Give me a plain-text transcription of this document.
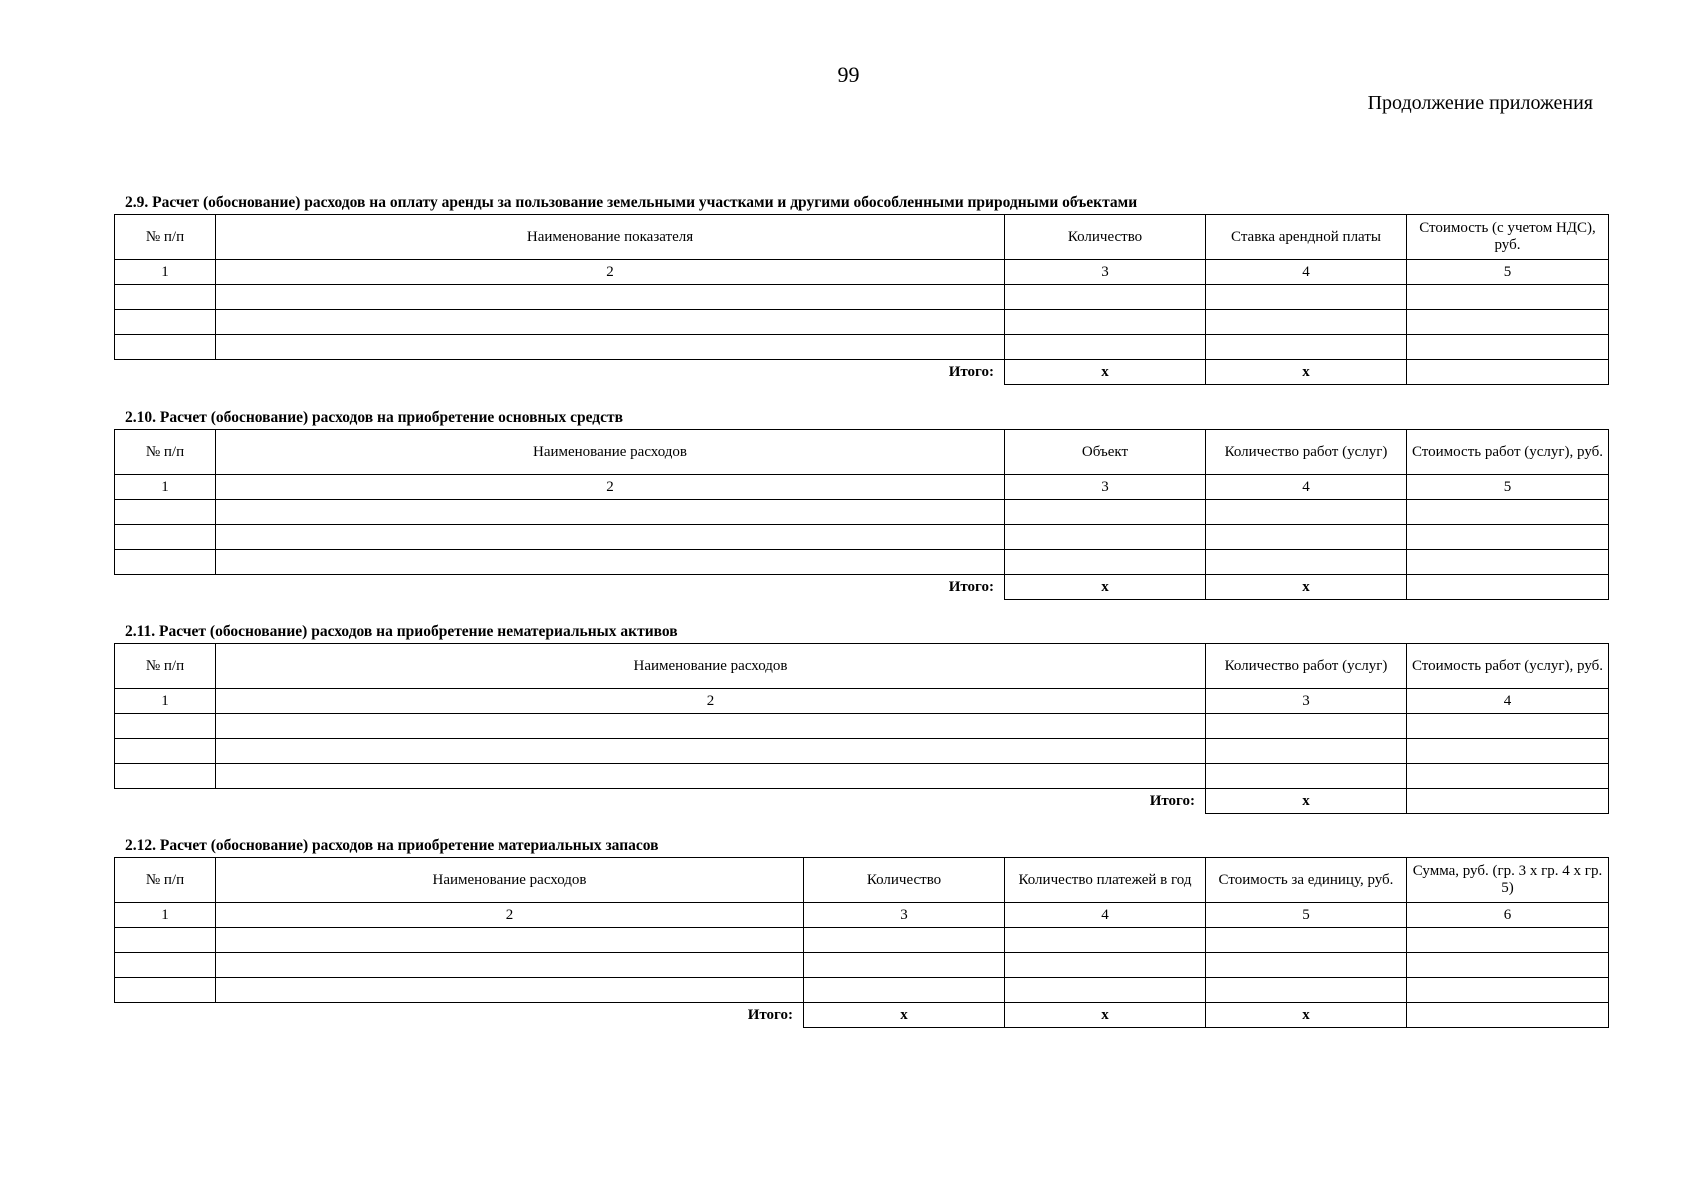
99
Продолжение приложения
2.9. Расчет (обоснование) расходов на оплату аренды за пользование земельными участками и другими обособленными природными объектами
№ п/п	Наименование показателя	Количество	Ставка арендной платы	Стоимость (с учетом НДС), руб.
1	2	3	4	5

Итого:		x	x	
2.10. Расчет (обоснование) расходов на приобретение основных средств
№ п/п	Наименование расходов	Объект	Количество работ (услуг)	Стоимость работ (услуг), руб.
1	2	3	4	5

Итого:		x	x	
2.11. Расчет (обоснование) расходов на приобретение нематериальных активов
№ п/п	Наименование расходов	Количество работ (услуг)	Стоимость работ (услуг), руб.
1	2	3	4

Итого:		x	
2.12. Расчет (обоснование) расходов на приобретение материальных запасов
№ п/п	Наименование расходов	Количество	Количество платежей в год	Стоимость за единицу, руб.	Сумма, руб. (гр. 3 x гр. 4 x гр. 5)
1	2	3	4	5	6

Итого:		x	x	x	
